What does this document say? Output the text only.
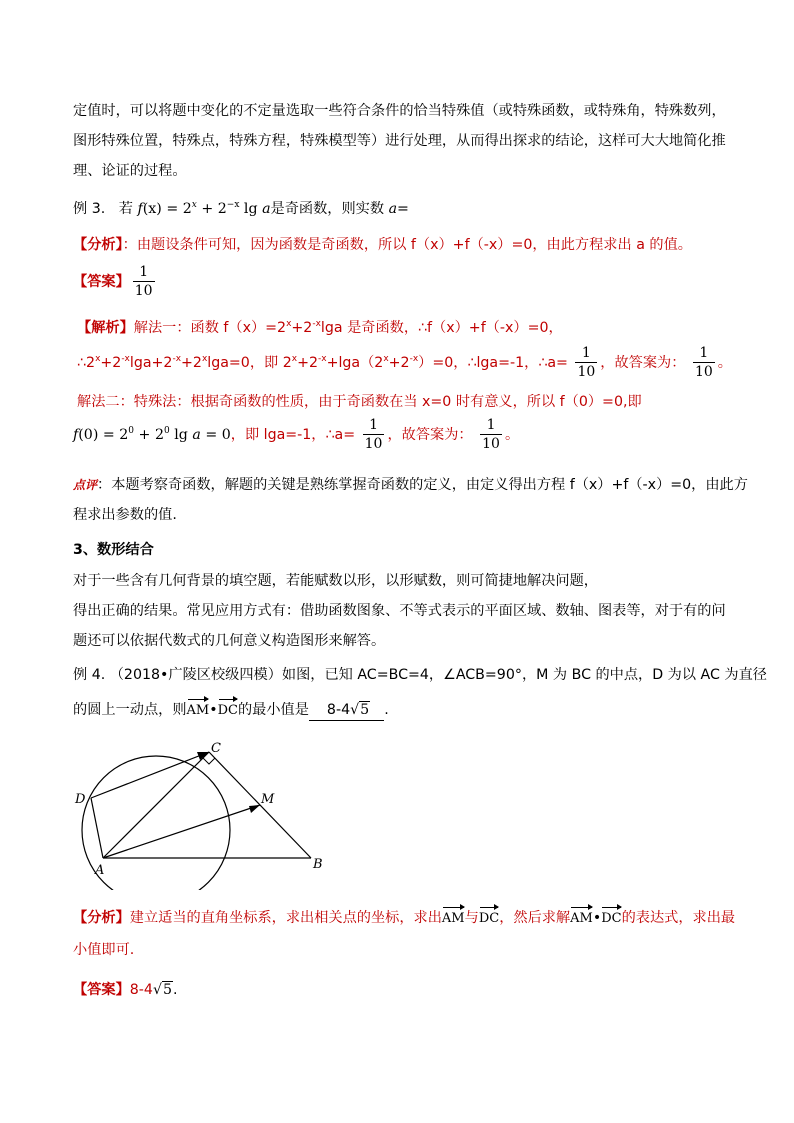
定值时，可以将题中变化的不定量选取一些符合条件的恰当特殊值（或特殊函数，或特殊角，特殊数列，
图形特殊位置，特殊点，特殊方程，特殊模型等）进行处理，从而得出探求的结论，这样可大大地简化推
理、论证的过程。
例 3. 若 $f(x) = 2^x + 2^{-x}$ lg a是奇函数，则实数 a=
【分析】：由题设条件可知，因为函数是奇函数，所以 f（x）+f（-x）=0，由此方程求出 a 的值。
【答案】 $\frac{1}{10}$
【解析】解法一：函数 $f(x)=2^x+2^{-x}\lg a$ 是奇函数，∴f（x）+f（-x）=0，
$\therefore 2^x+2^{-x}\lg a+2^{-x}+2^x\lg a=0$，即 $2^x+2^{-x}+\lg a(2^x+2^{-x})=0$，∴lga=-1，∴a= $\frac{1}{10}$ ，故答案为： $\frac{1}{10}$ 。
解法二：特殊法：根据奇函数的性质，由于奇函数在当 x=0 时有意义，所以 f（0）=0,即
$f(0) = 2^0 + 2^0$ lg a = 0，即 lga=-1，∴a= $\frac{1}{10}$ ，故答案为： $\frac{1}{10}$ 。
点评：本题考察奇函数，解题的关键是熟练掌握奇函数的定义，由定义得出方程 f（x）+f（-x）=0，由此方
程求出参数的值.
3、数形结合
对于一些含有几何背景的填空题，若能赋数以形，以形赋数，则可简捷地解决问题，
得出正确的结果。常见应用方式有：借助函数图象、不等式表示的平面区域、数轴、图表等，对于有的问
题还可以依据代数式的几何意义构造图形来解答。
例 4. （2018•广陵区校级四模）如图，已知 AC=BC=4，∠ACB=90°，M 为 BC 的中点，D 为以 AC 为直径
的圆上一动点，则AM•DC的最小值是 8-4√5 .
C
D	M
A	B
【分析】建立适当的直角坐标系，求出相关点的坐标，求出AM与DC，然后求解AM•DC的表达式，求出最
小值即可.
【答案】8-4√5.
